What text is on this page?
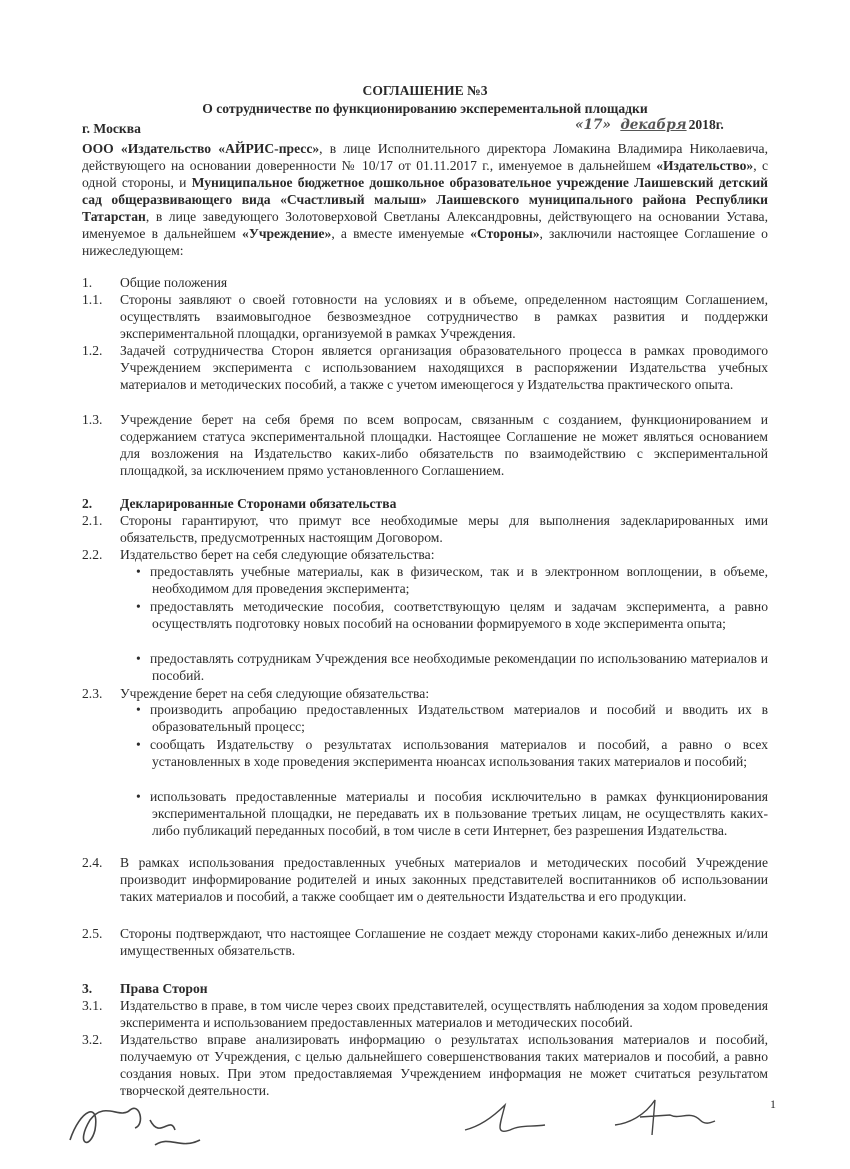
СОГЛАШЕНИЕ №3
О сотрудничестве по функционированию эксперементальной площадки
г. Москва	«17» декабря 2018г.
ООО «Издательство «АЙРИС-пресс», в лице Исполнительного директора Ломакина Владимира Николаевича, действующего на основании доверенности № 10/17 от 01.11.2017 г., именуемое в дальнейшем «Издательство», с одной стороны, и Муниципальное бюджетное дошкольное образовательное учреждение Лаишевский детский сад общеразвивающего вида «Счастливый малыш» Лаишевского муниципального района Республики Татарстан, в лице заведующего Золотоверховой Светланы Александровны, действующего на основании Устава, именуемое в дальнейшем «Учреждение», а вместе именуемые «Стороны», заключили настоящее Соглашение о нижеследующем:
1.	Общие положения
1.1.	Стороны заявляют о своей готовности на условиях и в объеме, определенном настоящим Соглашением, осуществлять взаимовыгодное безвозмездное сотрудничество в рамках развития и поддержки экспериментальной площадки, организуемой в рамках Учреждения.
1.2.	Задачей сотрудничества Сторон является организация образовательного процесса в рамках проводимого Учреждением эксперимента с использованием находящихся в распоряжении Издательства учебных материалов и методических пособий, а также с учетом имеющегося у Издательства практического опыта.
1.3.	Учреждение берет на себя бремя по всем вопросам, связанным с созданием, функционированием и содержанием статуса экспериментальной площадки. Настоящее Соглашение не может являться основанием для возложения на Издательство каких-либо обязательств по взаимодействию с экспериментальной площадкой, за исключением прямо установленного Соглашением.
2.	Декларированные Сторонами обязательства
2.1.	Стороны гарантируют, что примут все необходимые меры для выполнения задекларированных ими обязательств, предусмотренных настоящим Договором.
2.2.	Издательство берет на себя следующие обязательства:
• предоставлять учебные материалы, как в физическом, так и в электронном воплощении, в объеме, необходимом для проведения эксперимента;
• предоставлять методические пособия, соответствующую целям и задачам эксперимента, а равно осуществлять подготовку новых пособий на основании формируемого в ходе эксперимента опыта;
• предоставлять сотрудникам Учреждения все необходимые рекомендации по использованию материалов и пособий.
2.3.	Учреждение берет на себя следующие обязательства:
• производить апробацию предоставленных Издательством материалов и пособий и вводить их в образовательный процесс;
• сообщать Издательству о результатах использования материалов и пособий, а равно о всех установленных в ходе проведения эксперимента нюансах использования таких материалов и пособий;
• использовать предоставленные материалы и пособия исключительно в рамках функционирования экспериментальной площадки, не передавать их в пользование третьих лицам, не осуществлять каких-либо публикаций переданных пособий, в том числе в сети Интернет, без разрешения Издательства.
2.4.	В рамках использования предоставленных учебных материалов и методических пособий Учреждение производит информирование родителей и иных законных представителей воспитанников об использовании таких материалов и пособий, а также сообщает им о деятельности Издательства и его продукции.
2.5.	Стороны подтверждают, что настоящее Соглашение не создает между сторонами каких-либо денежных и/или имущественных обязательств.
3.	Права Сторон
3.1.	Издательство в праве, в том числе через своих представителей, осуществлять наблюдения за ходом проведения эксперимента и использованием предоставленных материалов и методических пособий.
3.2.	Издательство вправе анализировать информацию о результатах использования материалов и пособий, получаемую от Учреждения, с целью дальнейшего совершенствования таких материалов и пособий, а равно создания новых. При этом предоставляемая Учреждением информация не может считаться результатом творческой деятельности.
1
